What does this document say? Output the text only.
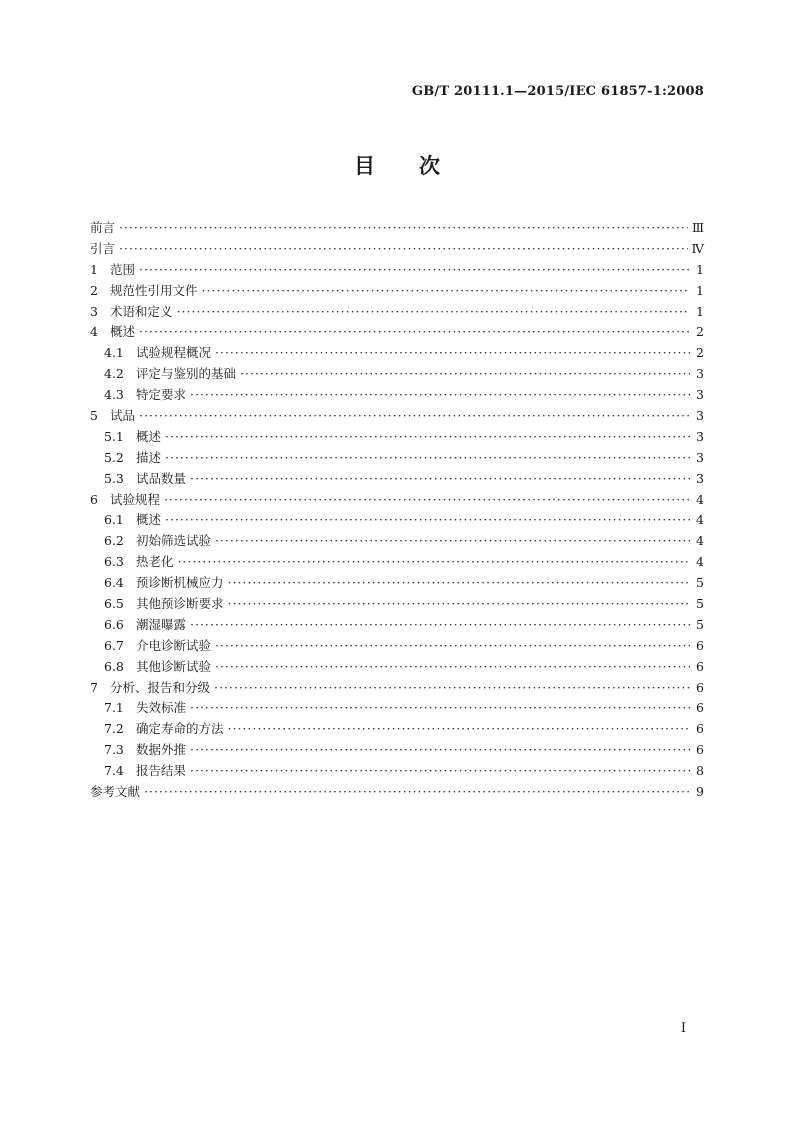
GB/T 20111.1—2015/IEC 61857-1:2008
目 次
前言 ·····	Ⅲ
引言 ·····	Ⅳ
1 范围 ·····	1
2 规范性引用文件 ·····	1
3 术语和定义 ·····	1
4 概述 ·····	2
4.1 试验规程概况 ·····	2
4.2 评定与鉴别的基础 ·····	3
4.3 特定要求 ·····	3
5 试品 ·····	3
5.1 概述 ·····	3
5.2 描述 ·····	3
5.3 试品数量 ·····	3
6 试验规程 ·····	4
6.1 概述 ·····	4
6.2 初始筛选试验 ·····	4
6.3 热老化 ·····	4
6.4 预诊断机械应力 ·····	5
6.5 其他预诊断要求 ·····	5
6.6 潮湿曝露 ·····	5
6.7 介电诊断试验 ·····	6
6.8 其他诊断试验 ·····	6
7 分析、报告和分级 ·····	6
7.1 失效标准 ·····	6
7.2 确定寿命的方法 ·····	6
7.3 数据外推 ·····	6
7.4 报告结果 ·····	8
参考文献 ·····	9
I
